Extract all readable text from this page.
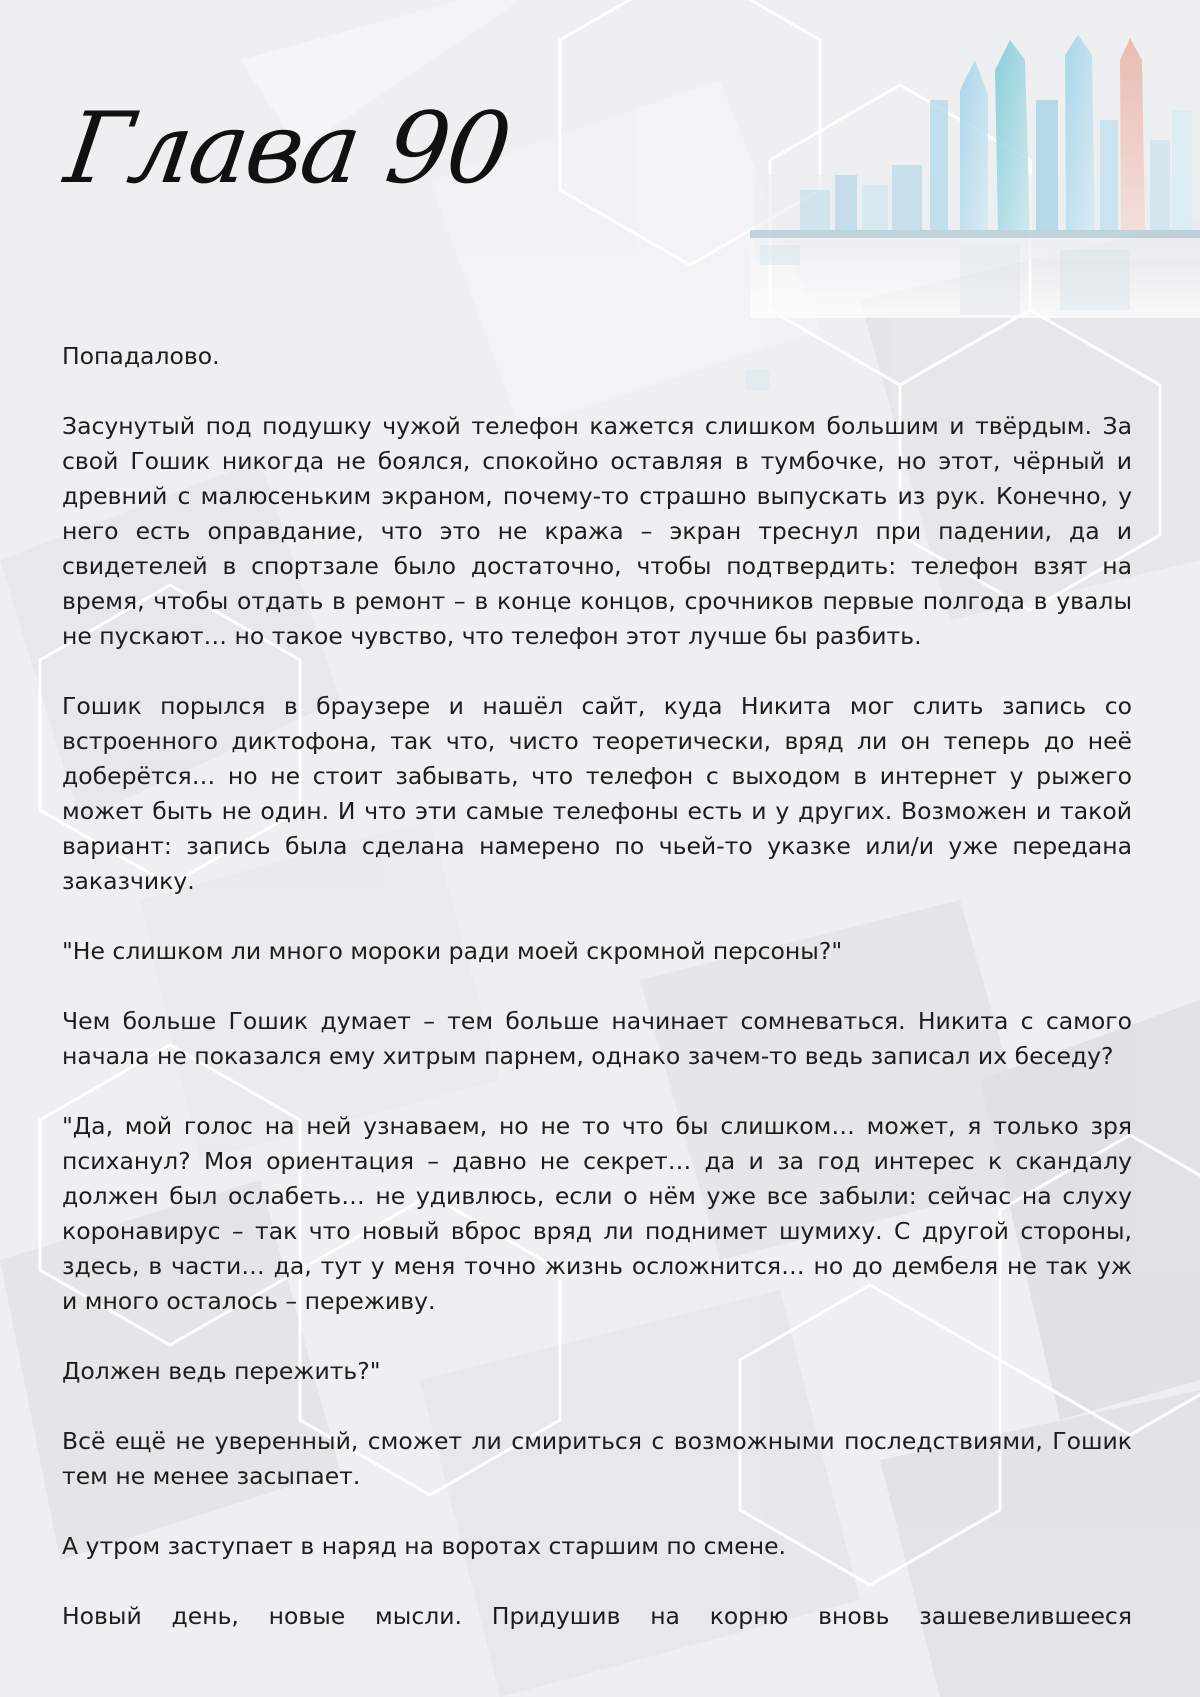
Глава 90

Попадалово.

Засунутый под подушку чужой телефон кажется слишком большим и твёрдым. За свой Гошик никогда не боялся, спокойно оставляя в тумбочке, но этот, чёрный и древний с малюсеньким экраном, почему-то страшно выпускать из рук. Конечно, у него есть оправдание, что это не кража – экран треснул при падении, да и свидетелей в спортзале было достаточно, чтобы подтвердить: телефон взят на время, чтобы отдать в ремонт – в конце концов, срочников первые полгода в увалы не пускают… но такое чувство, что телефон этот лучше бы разбить.

Гошик порылся в браузере и нашёл сайт, куда Никита мог слить запись со встроенного диктофона, так что, чисто теоретически, вряд ли он теперь до неё доберётся… но не стоит забывать, что телефон с выходом в интернет у рыжего может быть не один. И что эти самые телефоны есть и у других. Возможен и такой вариант: запись была сделана намерено по чьей-то указке или/и уже передана заказчику.

"Не слишком ли много мороки ради моей скромной персоны?"

Чем больше Гошик думает – тем больше начинает сомневаться. Никита с самого начала не показался ему хитрым парнем, однако зачем-то ведь записал их беседу?

"Да, мой голос на ней узнаваем, но не то что бы слишком… может, я только зря психанул? Моя ориентация – давно не секрет… да и за год интерес к скандалу должен был ослабеть… не удивлюсь, если о нём уже все забыли: сейчас на слуху коронавирус – так что новый вброс вряд ли поднимет шумиху. С другой стороны, здесь, в части… да, тут у меня точно жизнь осложнится… но до дембеля не так уж и много осталось – переживу.

Должен ведь пережить?"

Всё ещё не уверенный, сможет ли смириться с возможными последствиями, Гошик тем не менее засыпает.

А утром заступает в наряд на воротах старшим по смене.

Новый день, новые мысли. Придушив на корню вновь зашевелившееся
